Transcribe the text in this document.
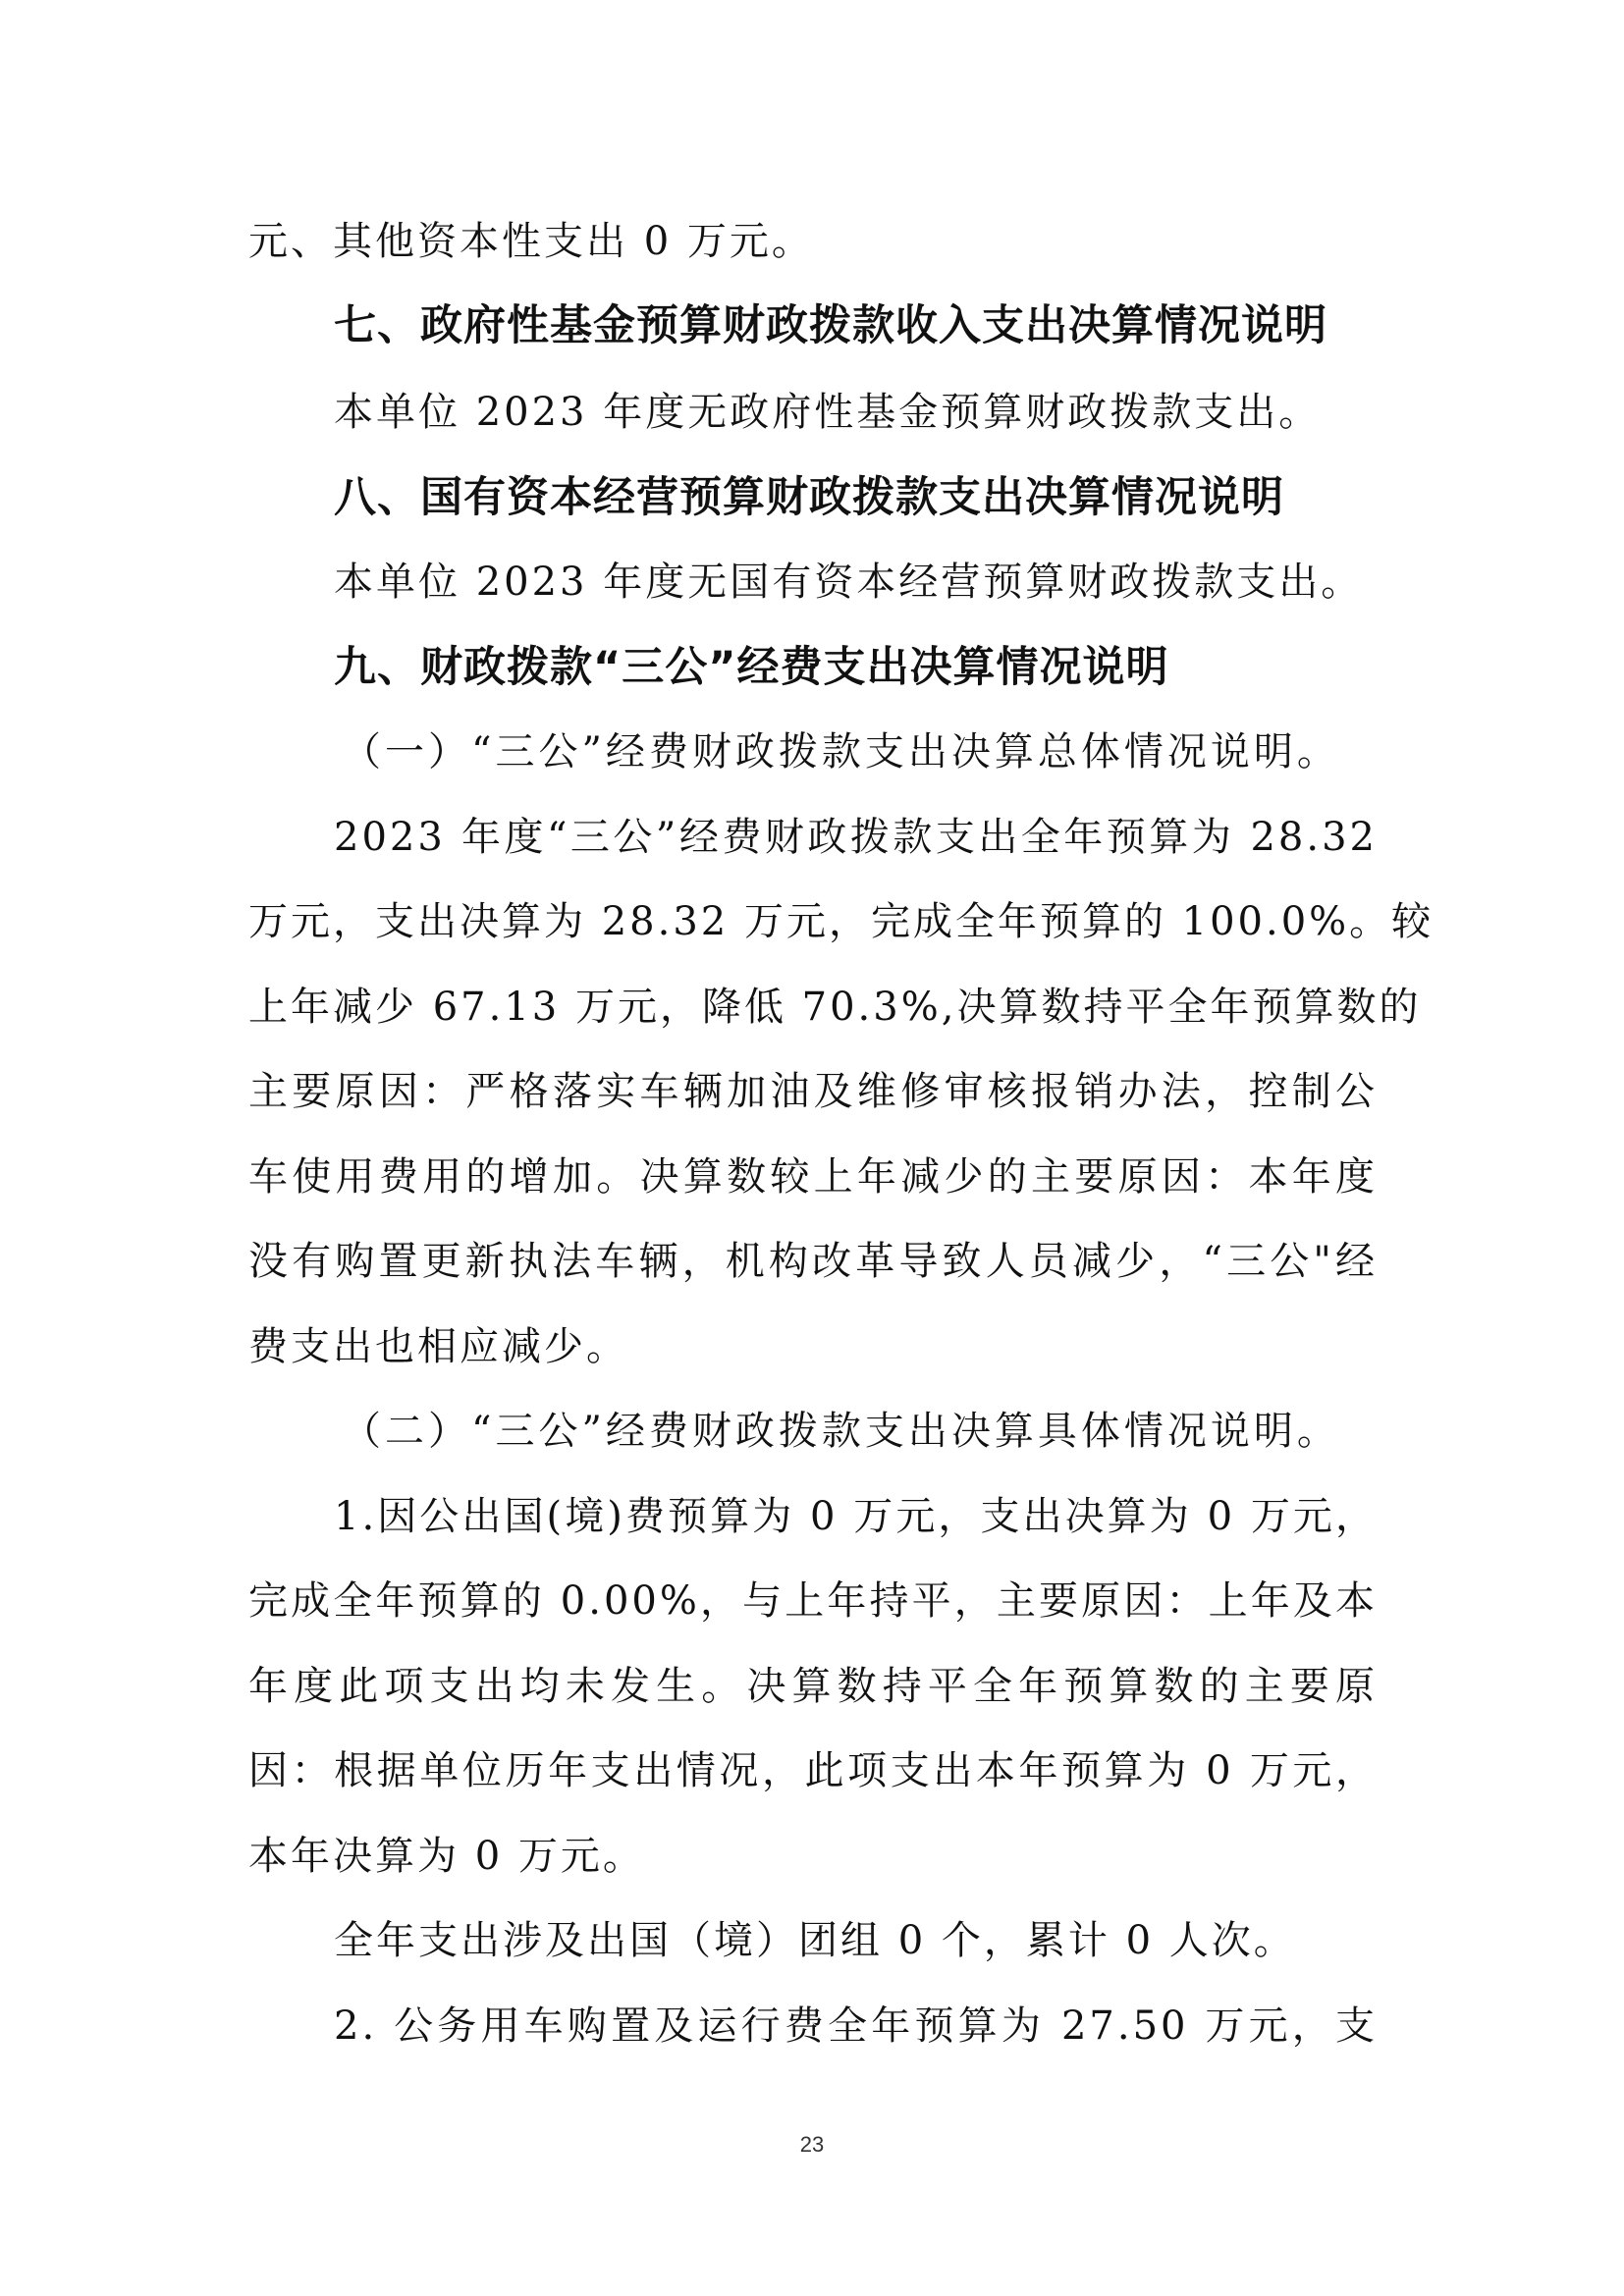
元、其他资本性支出 0 万元。
七、政府性基金预算财政拨款收入支出决算情况说明
本单位 2023 年度无政府性基金预算财政拨款支出。
八、国有资本经营预算财政拨款支出决算情况说明
本单位 2023 年度无国有资本经营预算财政拨款支出。
九、财政拨款“三公”经费支出决算情况说明
（一）“三公”经费财政拨款支出决算总体情况说明。
2023 年度“三公”经费财政拨款支出全年预算为 28.32
万元，支出决算为 28.32 万元，完成全年预算的 100.0%。较
上年减少 67.13 万元，降低 70.3%,决算数持平全年预算数的
主要原因：严格落实车辆加油及维修审核报销办法，控制公
车使用费用的增加。决算数较上年减少的主要原因：本年度
没有购置更新执法车辆，机构改革导致人员减少，“三公"经
费支出也相应减少。
（二）“三公”经费财政拨款支出决算具体情况说明。
1.因公出国(境)费预算为 0 万元，支出决算为 0 万元，
完成全年预算的 0.00%，与上年持平，主要原因：上年及本
年度此项支出均未发生。决算数持平全年预算数的主要原
因：根据单位历年支出情况，此项支出本年预算为 0 万元，
本年决算为 0 万元。
全年支出涉及出国（境）团组 0 个，累计 0 人次。
2. 公务用车购置及运行费全年预算为 27.50 万元，支
23
